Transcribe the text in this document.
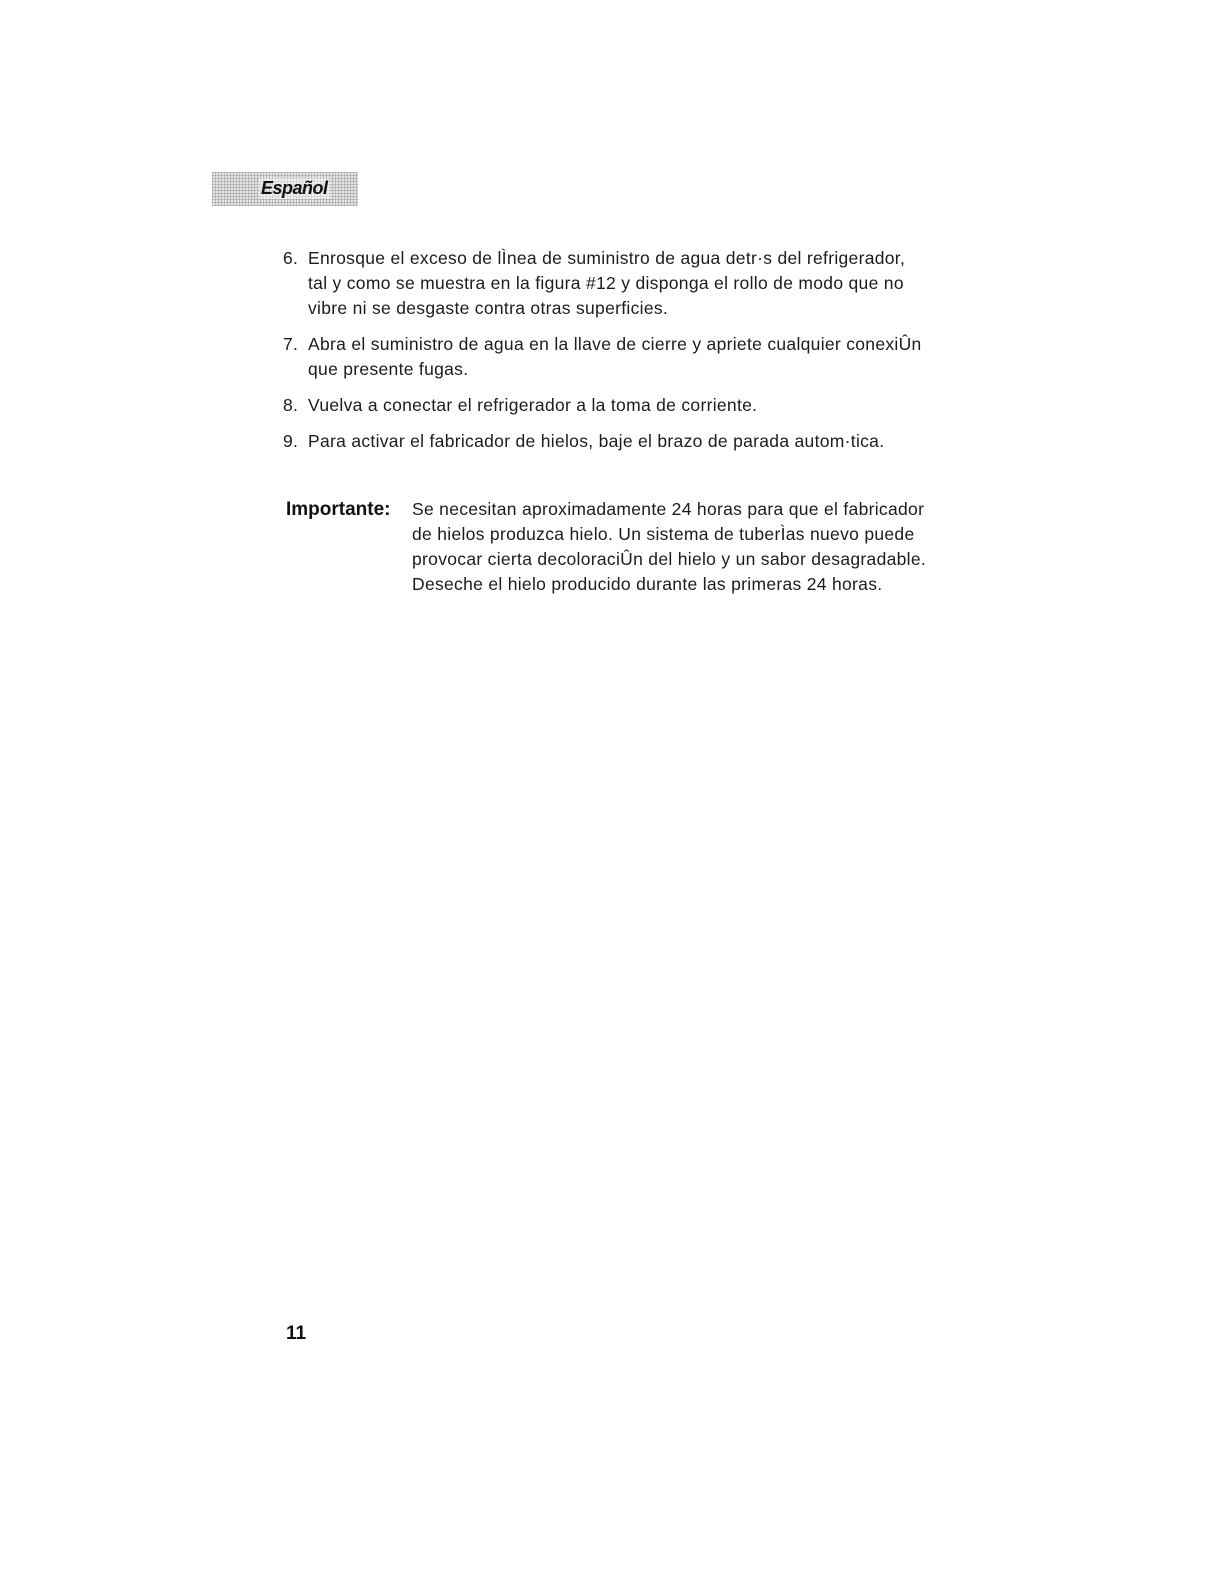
Español
6. Enrosque el exceso de lÌnea de suministro de agua detr·s del refrigerador, tal y como se muestra en la figura #12 y disponga el rollo de modo que no vibre ni se desgaste contra otras superficies.
7. Abra el suministro de agua en la llave de cierre y apriete cualquier conexiÛn que presente fugas.
8. Vuelva a conectar el refrigerador a la toma de corriente.
9. Para activar el fabricador de hielos, baje el brazo de parada autom·tica.
Importante: Se necesitan aproximadamente 24 horas para que el fabricador de hielos produzca hielo. Un sistema de tuberÌas nuevo puede provocar cierta decoloraciÛn del hielo y un sabor desagradable. Deseche el hielo producido durante las primeras 24 horas.
11
